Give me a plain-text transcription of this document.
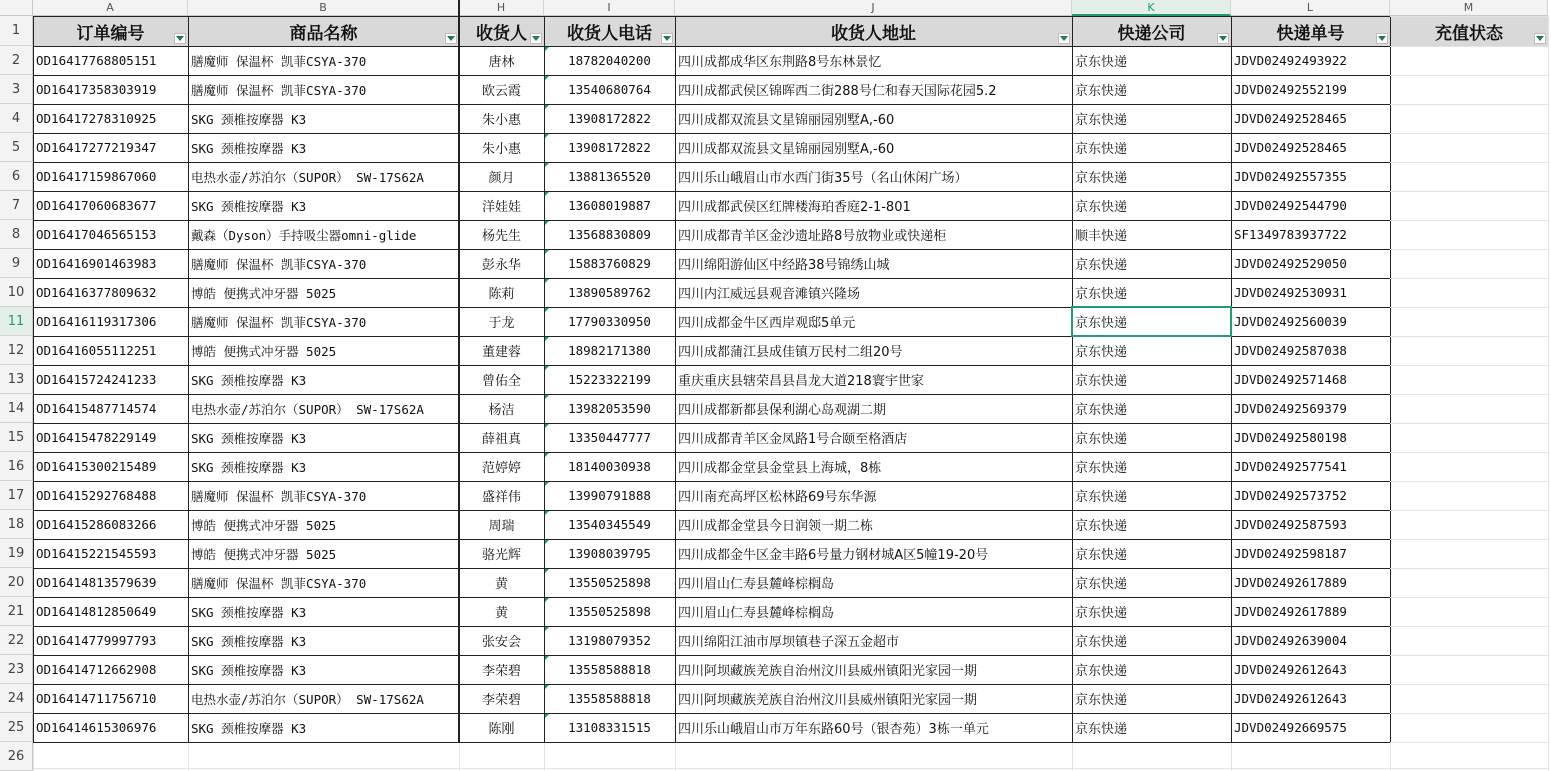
A	B	H	I	J	K	L	M
1
2
3
4
5
6
7
8
9
10
11
12
13
14
15
16
17
18
19
20
21
22
23
24
25
26
订单编号	商品名称	收货人 收货人电话	收货人地址	快递公司	快递单号	充值状态
OD16417768805151	膳魔师 保温杯 凯菲CSYA-370	唐林	18782040200 四川成都成华区东荆路8号东林景忆	京东快递	JDVD02492493922
OD16417358303919	膳魔师 保温杯 凯菲CSYA-370	欧云霞	13540680764 四川成都武侯区锦晖西二街288号仁和春天国际花园5.2	京东快递	JDVD02492552199
OD16417278310925	SKG 颈椎按摩器 K3	朱小惠	13908172822 四川成都双流县文星锦丽园别墅A,-60	京东快递	JDVD02492528465
OD16417277219347	SKG 颈椎按摩器 K3	朱小惠	13908172822 四川成都双流县文星锦丽园别墅A,-60	京东快递	JDVD02492528465
OD16417159867060	电热水壶/苏泊尔（SUPOR） SW-17S62A	颜月	13881365520 四川乐山峨眉山市水西门街35号（名山休闲广场）	京东快递	JDVD02492557355
OD16417060683677	SKG 颈椎按摩器 K3	洋娃娃	13608019887 四川成都武侯区红牌楼海珀香庭2-1-801	京东快递	JDVD02492544790
OD16417046565153	戴森（Dyson）手持吸尘器omni-glide	杨先生	13568830809 四川成都青羊区金沙遗址路8号放物业或快递柜	顺丰快递	SF1349783937722
OD16416901463983	膳魔师 保温杯 凯菲CSYA-370	彭永华	15883760829 四川绵阳游仙区中经路38号锦绣山城	京东快递	JDVD02492529050
OD16416377809632	博皓 便携式冲牙器 5025	陈莉	13890589762 四川内江威远县观音滩镇兴隆场	京东快递	JDVD02492530931
OD16416119317306	膳魔师 保温杯 凯菲CSYA-370	于龙	17790330950 四川成都金牛区西岸观邸5单元	京东快递	JDVD02492560039
OD16416055112251	博皓 便携式冲牙器 5025	董建蓉	18982171380 四川成都蒲江县成佳镇万民村二组20号	京东快递	JDVD02492587038
OD16415724241233	SKG 颈椎按摩器 K3	曾佑全	15223322199 重庆重庆县辖荣昌县昌龙大道218寰宇世家	京东快递	JDVD02492571468
OD16415487714574	电热水壶/苏泊尔（SUPOR） SW-17S62A	杨洁	13982053590 四川成都新都县保利湖心岛观湖二期	京东快递	JDVD02492569379
OD16415478229149	SKG 颈椎按摩器 K3	薛祖真	13350447777 四川成都青羊区金凤路1号合颐至格酒店	京东快递	JDVD02492580198
OD16415300215489	SKG 颈椎按摩器 K3	范婷婷	18140030938 四川成都金堂县金堂县上海城，8栋	京东快递	JDVD02492577541
OD16415292768488	膳魔师 保温杯 凯菲CSYA-370	盛祥伟	13990791888 四川南充高坪区松林路69号东华源	京东快递	JDVD02492573752
OD16415286083266	博皓 便携式冲牙器 5025	周瑞	13540345549 四川成都金堂县今日润领一期二栋	京东快递	JDVD02492587593
OD16415221545593	博皓 便携式冲牙器 5025	骆光辉	13908039795 四川成都金牛区金丰路6号量力钢材城A区5幢19-20号	京东快递	JDVD02492598187
OD16414813579639	膳魔师 保温杯 凯菲CSYA-370	黄	13550525898 四川眉山仁寿县麓峰棕榈岛	京东快递	JDVD02492617889
OD16414812850649	SKG 颈椎按摩器 K3	黄	13550525898 四川眉山仁寿县麓峰棕榈岛	京东快递	JDVD02492617889
OD16414779997793	SKG 颈椎按摩器 K3	张安会	13198079352 四川绵阳江油市厚坝镇巷子深五金超市	京东快递	JDVD02492639004
OD16414712662908	SKG 颈椎按摩器 K3	李荣碧	13558588818 四川阿坝藏族羌族自治州汶川县威州镇阳光家园一期	京东快递	JDVD02492612643
OD16414711756710	电热水壶/苏泊尔（SUPOR） SW-17S62A	李荣碧	13558588818 四川阿坝藏族羌族自治州汶川县威州镇阳光家园一期	京东快递	JDVD02492612643
OD16414615306976	SKG 颈椎按摩器 K3	陈刚	13108331515 四川乐山峨眉山市万年东路60号（银杏苑）3栋一单元	京东快递	JDVD02492669575
